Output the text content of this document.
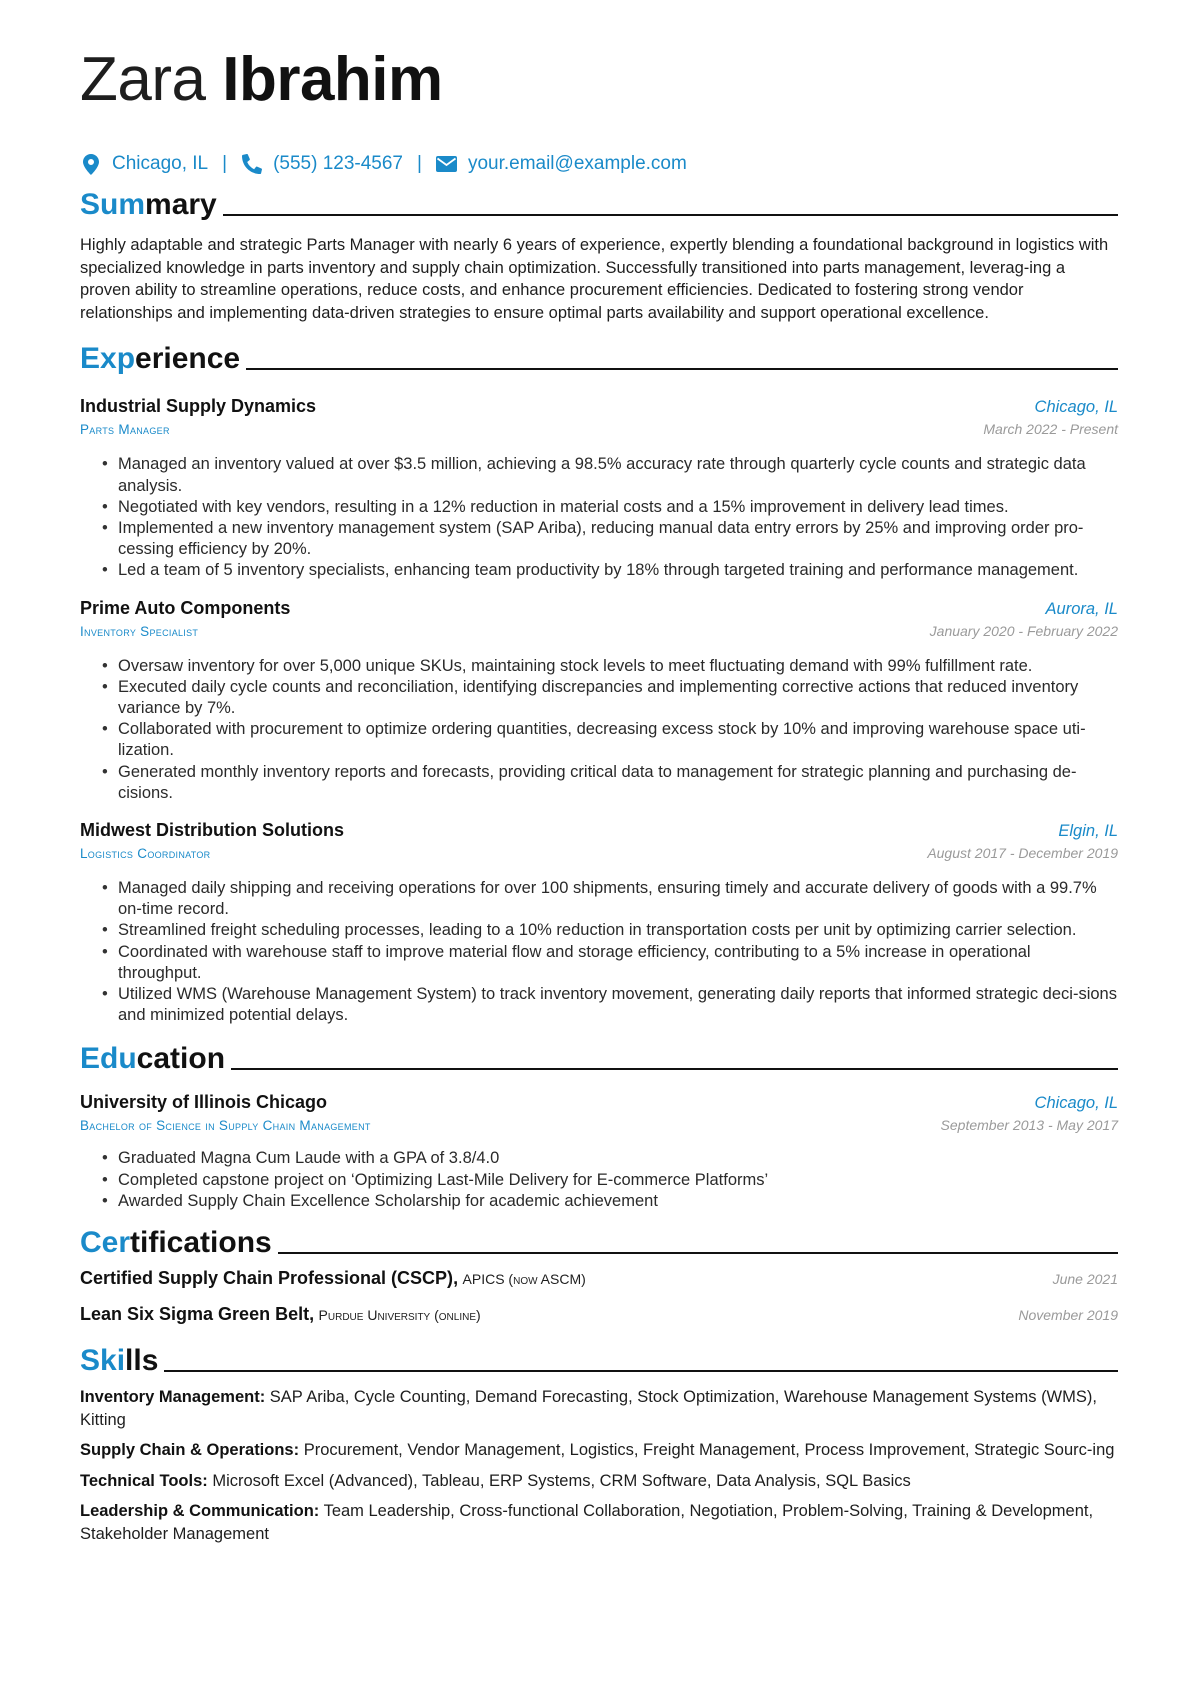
Zara Ibrahim
Chicago, IL | (555) 123-4567 | your.email@example.com
Summary

Highly adaptable and strategic Parts Manager with nearly 6 years of experience, expertly blending a foundational background in logistics with specialized knowledge in parts inventory and supply chain optimization. Successfully transitioned into parts management, leverag-ing a proven ability to streamline operations, reduce costs, and enhance procurement efficiencies. Dedicated to fostering strong vendor relationships and implementing data-driven strategies to ensure optimal parts availability and support operational excellence.

Experience
Industrial Supply Dynamics	Chicago, IL
Parts Manager	March 2022 - Present
• Managed an inventory valued at over $3.5 million, achieving a 98.5% accuracy rate through quarterly cycle counts and strategic data analysis.
• Negotiated with key vendors, resulting in a 12% reduction in material costs and a 15% improvement in delivery lead times.
• Implemented a new inventory management system (SAP Ariba), reducing manual data entry errors by 25% and improving order pro-cessing efficiency by 20%.
• Led a team of 5 inventory specialists, enhancing team productivity by 18% through targeted training and performance management.
Prime Auto Components	Aurora, IL
Inventory Specialist	January 2020 - February 2022
• Oversaw inventory for over 5,000 unique SKUs, maintaining stock levels to meet fluctuating demand with 99% fulfillment rate.
• Executed daily cycle counts and reconciliation, identifying discrepancies and implementing corrective actions that reduced inventory variance by 7%.
• Collaborated with procurement to optimize ordering quantities, decreasing excess stock by 10% and improving warehouse space uti-lization.
• Generated monthly inventory reports and forecasts, providing critical data to management for strategic planning and purchasing de-cisions.
Midwest Distribution Solutions	Elgin, IL
Logistics Coordinator	August 2017 - December 2019
• Managed daily shipping and receiving operations for over 100 shipments, ensuring timely and accurate delivery of goods with a 99.7% on-time record.
• Streamlined freight scheduling processes, leading to a 10% reduction in transportation costs per unit by optimizing carrier selection.
• Coordinated with warehouse staff to improve material flow and storage efficiency, contributing to a 5% increase in operational throughput.
• Utilized WMS (Warehouse Management System) to track inventory movement, generating daily reports that informed strategic deci-sions and minimized potential delays.
Education
University of Illinois Chicago	Chicago, IL
Bachelor of Science in Supply Chain Management	September 2013 - May 2017
• Graduated Magna Cum Laude with a GPA of 3.8/4.0
• Completed capstone project on ‘Optimizing Last-Mile Delivery for E-commerce Platforms’
• Awarded Supply Chain Excellence Scholarship for academic achievement
Certifications
Certified Supply Chain Professional (CSCP), APICS (now ASCM)	June 2021
Lean Six Sigma Green Belt, Purdue University (online)	November 2019
Skills

Inventory Management: SAP Ariba, Cycle Counting, Demand Forecasting, Stock Optimization, Warehouse Management Systems (WMS), Kitting

Supply Chain & Operations: Procurement, Vendor Management, Logistics, Freight Management, Process Improvement, Strategic Sourc-ing

Technical Tools: Microsoft Excel (Advanced), Tableau, ERP Systems, CRM Software, Data Analysis, SQL Basics

Leadership & Communication: Team Leadership, Cross-functional Collaboration, Negotiation, Problem-Solving, Training & Development, Stakeholder Management
